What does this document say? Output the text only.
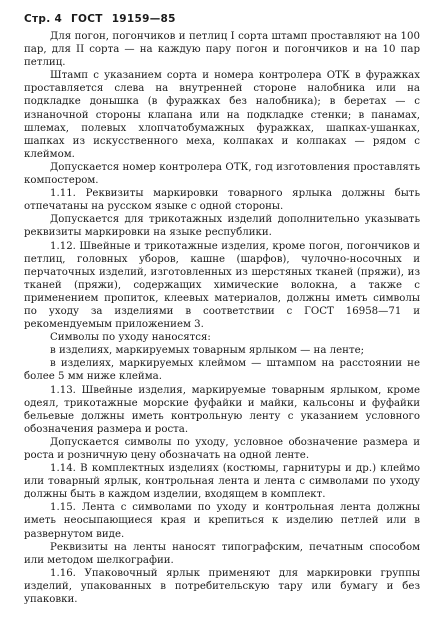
Стр. 4 ГОСТ 19159—85

Для погон, погончиков и петлиц I сорта штамп проставляют на 100 пар, для II сорта — на каждую пару погон и погончиков и на 10 пар петлиц.

Штамп с указанием сорта и номера контролера ОТК в фуражках проставляется слева на внутренней стороне налобника или на подкладке донышка (в фуражках без налобника); в беретах — с изнаночной стороны клапана или на подкладке стенки; в панамах, шлемах, полевых хлопчатобумажных фуражках, шапках-ушанках, шапках из искусственного меха, колпаках и колпаках — рядом с клеймом.

Допускается номер контролера ОТК, год изготовления проставлять компостером.

1.11. Реквизиты маркировки товарного ярлыка должны быть отпечатаны на русском языке с одной стороны.

Допускается для трикотажных изделий дополнительно указывать реквизиты маркировки на языке республики.

1.12. Швейные и трикотажные изделия, кроме погон, погончиков и петлиц, головных уборов, кашне (шарфов), чулочно-носочных и перчаточных изделий, изготовленных из шерстяных тканей (пряжи), из тканей (пряжи), содержащих химические волокна, а также с применением пропиток, клеевых материалов, должны иметь символы по уходу за изделиями в соответствии с ГОСТ 16958—71 и рекомендуемым приложением 3.

Символы по уходу наносятся:

в изделиях, маркируемых товарным ярлыком — на ленте;

в изделиях, маркируемых клеймом — штампом на расстоянии не более 5 мм ниже клейма.

1.13. Швейные изделия, маркируемые товарным ярлыком, кроме одеял, трикотажные морские фуфайки и майки, кальсоны и фуфайки бельевые должны иметь контрольную ленту с указанием условного обозначения размера и роста.

Допускается символы по уходу, условное обозначение размера и роста и розничную цену обозначать на одной ленте.

1.14. В комплектных изделиях (костюмы, гарнитуры и др.) клеймо или товарный ярлык, контрольная лента и лента с символами по уходу должны быть в каждом изделии, входящем в комплект.

1.15. Лента с символами по уходу и контрольная лента должны иметь неосыпающиеся края и крепиться к изделию петлей или в развернутом виде.

Реквизиты на ленты наносят типографским, печатным способом или методом шелкографии.

1.16. Упаковочный ярлык применяют для маркировки группы изделий, упакованных в потребительскую тару или бумагу и без упаковки.
